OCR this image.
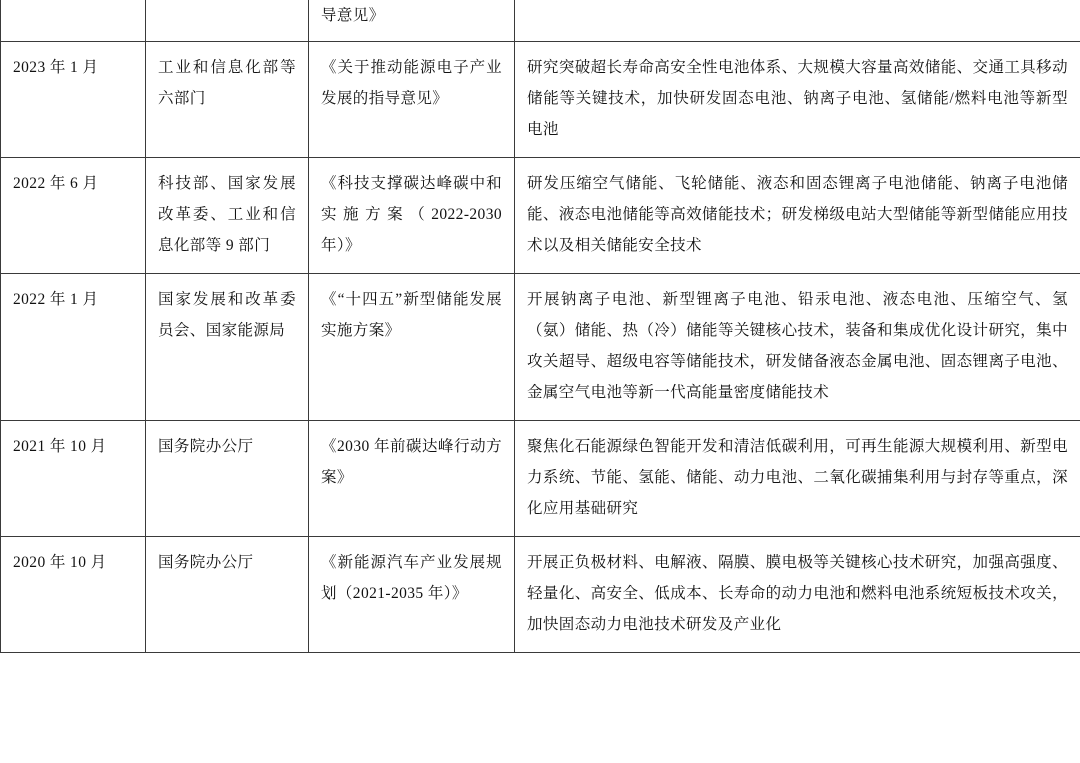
		导意见》	
2023 年 1 月	工业和信息化部等六部门	《关于推动能源电子产业发展的指导意见》	研究突破超长寿命高安全性电池体系、大规模大容量高效储能、交通工具移动储能等关键技术，加快研发固态电池、钠离子电池、氢储能/燃料电池等新型电池
2022 年 6 月	科技部、国家发展改革委、工业和信息化部等 9 部门	《科技支撑碳达峰碳中和实施方案（2022-2030 年）》	研发压缩空气储能、飞轮储能、液态和固态锂离子电池储能、钠离子电池储能、液态电池储能等高效储能技术；研发梯级电站大型储能等新型储能应用技术以及相关储能安全技术
2022 年 1 月	国家发展和改革委员会、国家能源局	《“十四五”新型储能发展实施方案》	开展钠离子电池、新型锂离子电池、铅汞电池、液态电池、压缩空气、氢（氨）储能、热（冷）储能等关键核心技术，装备和集成优化设计研究，集中攻关超导、超级电容等储能技术，研发储备液态金属电池、固态锂离子电池、金属空气电池等新一代高能量密度储能技术
2021 年 10 月	国务院办公厅	《2030 年前碳达峰行动方案》	聚焦化石能源绿色智能开发和清洁低碳利用，可再生能源大规模利用、新型电力系统、节能、氢能、储能、动力电池、二氧化碳捕集利用与封存等重点，深化应用基础研究
2020 年 10 月	国务院办公厅	《新能源汽车产业发展规划（2021-2035 年）》	开展正负极材料、电解液、隔膜、膜电极等关键核心技术研究，加强高强度、轻量化、高安全、低成本、长寿命的动力电池和燃料电池系统短板技术攻关，加快固态动力电池技术研发及产业化
